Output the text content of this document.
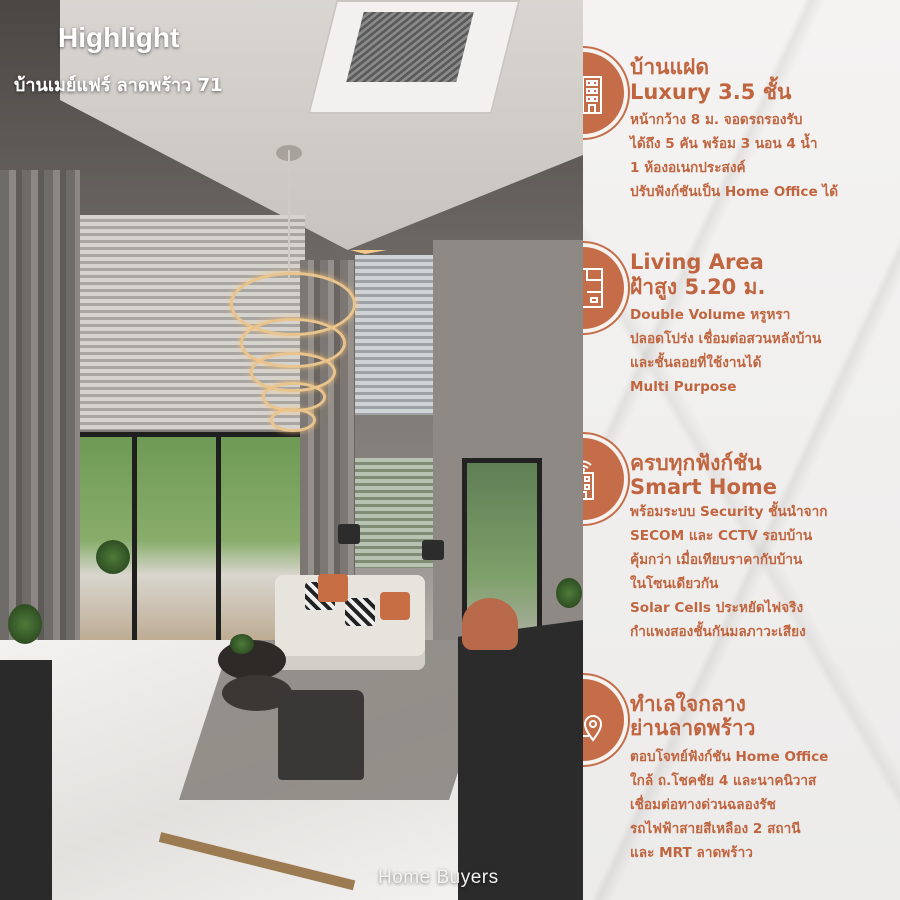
Highlight
บ้านเมย์แฟร์ ลาดพร้าว 71
Home Buyers
บ้านแฝด
Luxury 3.5 ชั้น
หน้ากว้าง 8 ม. จอดรถรองรับ
ได้ถึง 5 คัน พร้อม 3 นอน 4 น้ำ
1 ห้องอเนกประสงค์
ปรับฟังก์ชันเป็น Home Office ได้
Living Area
ฝ้าสูง 5.20 ม.
Double Volume หรูหรา
ปลอดโปร่ง เชื่อมต่อสวนหลังบ้าน
และชั้นลอยที่ใช้งานได้
Multi Purpose
ครบทุกฟังก์ชัน
Smart Home
พร้อมระบบ Security ชั้นนำจาก
SECOM และ CCTV รอบบ้าน
คุ้มกว่า เมื่อเทียบราคากับบ้าน
ในโซนเดียวกัน
Solar Cells ประหยัดไฟจริง
กำแพงสองชั้นกันมลภาวะเสียง
ทำเลใจกลาง
ย่านลาดพร้าว
ตอบโจทย์ฟังก์ชัน Home Office
ใกล้ ถ.โชคชัย 4 และนาคนิวาส
เชื่อมต่อทางด่วนฉลองรัช
รถไฟฟ้าสายสีเหลือง 2 สถานี
และ MRT ลาดพร้าว
